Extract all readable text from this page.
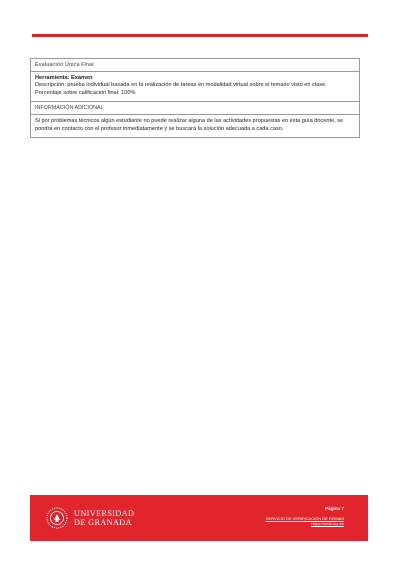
Evaluación Única Final
Herramienta: Examen
Descripción: prueba individual basada en la realización de tareas en modalidad virtual sobre el temario visto en clase.
Porcentaje sobre calificación final: 100%
INFORMACIÓN ADICIONAL
Si por problemas técnicos algún estudiante no puede realizar alguna de las actividades propuestas en esta guía docente, se pondrá en contacto con el profesor inmediatamente y se buscará la solución adecuada a cada caso.
UNIVERSIDAD
DE GRANADA
Página 7
SERVICIO DE VERIFICACIÓN DE FIRMAS
https://sede.ugr.es
